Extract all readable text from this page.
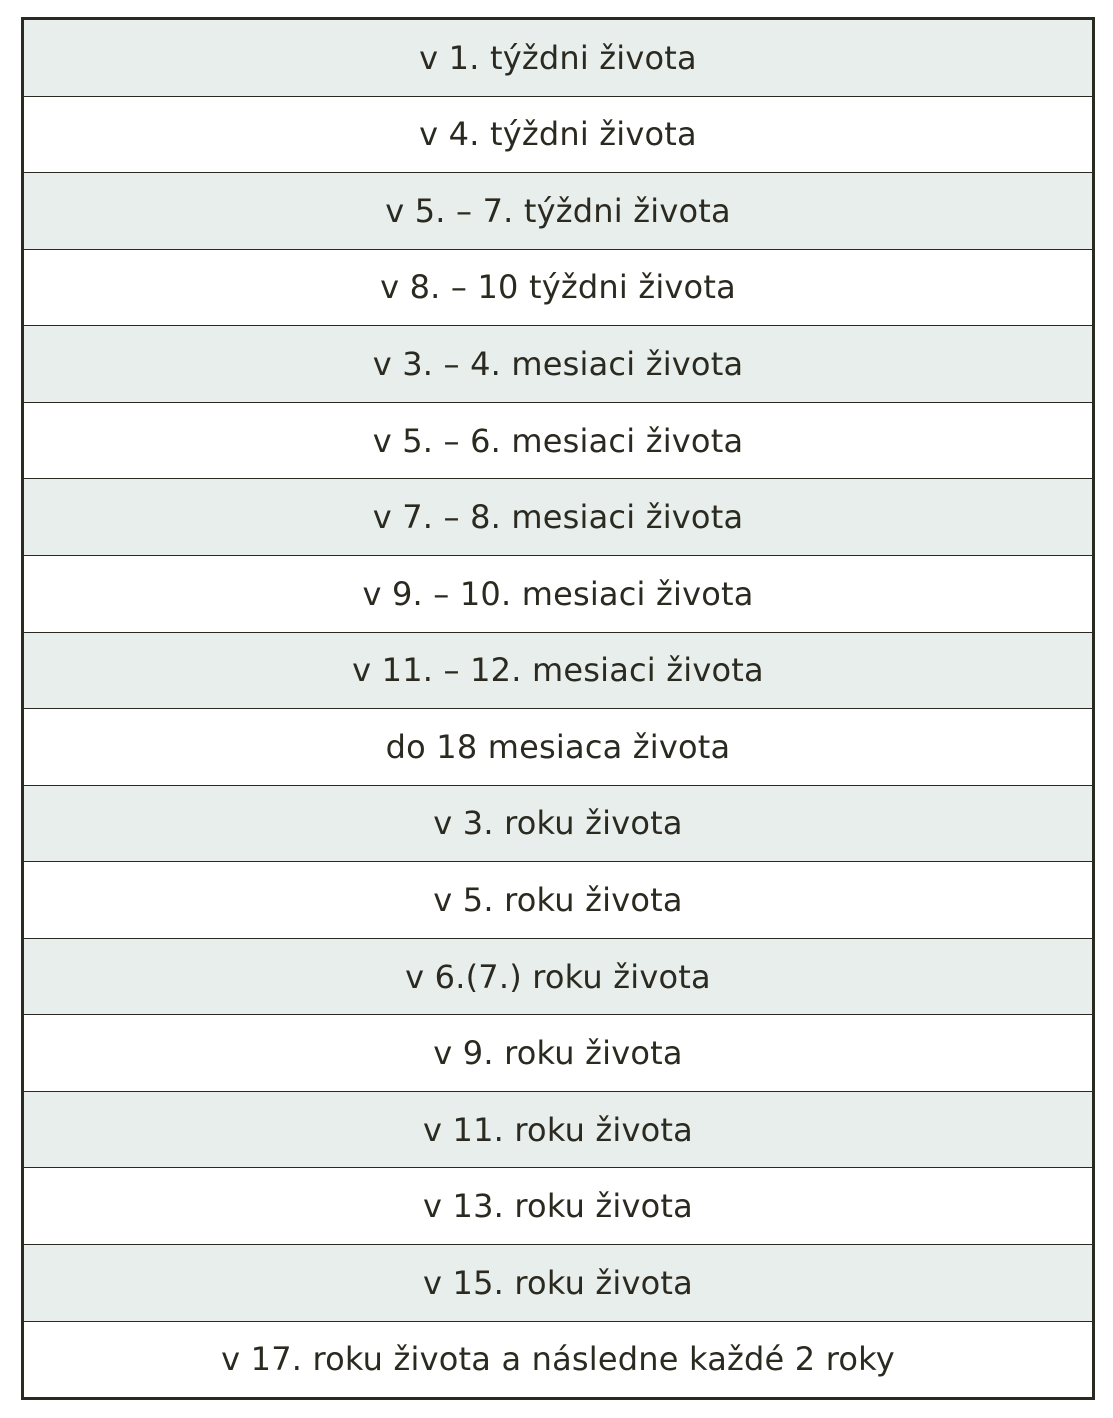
v 1. týždni života
v 4. týždni života
v 5. – 7. týždni života
v 8. – 10 týždni života
v 3. – 4. mesiaci života
v 5. – 6. mesiaci života
v 7. – 8. mesiaci života
v 9. – 10. mesiaci života
v 11. – 12. mesiaci života
do 18 mesiaca života
v 3. roku života
v 5. roku života
v 6.(7.) roku života
v 9. roku života
v 11. roku života
v 13. roku života
v 15. roku života
v 17. roku života a následne každé 2 roky
